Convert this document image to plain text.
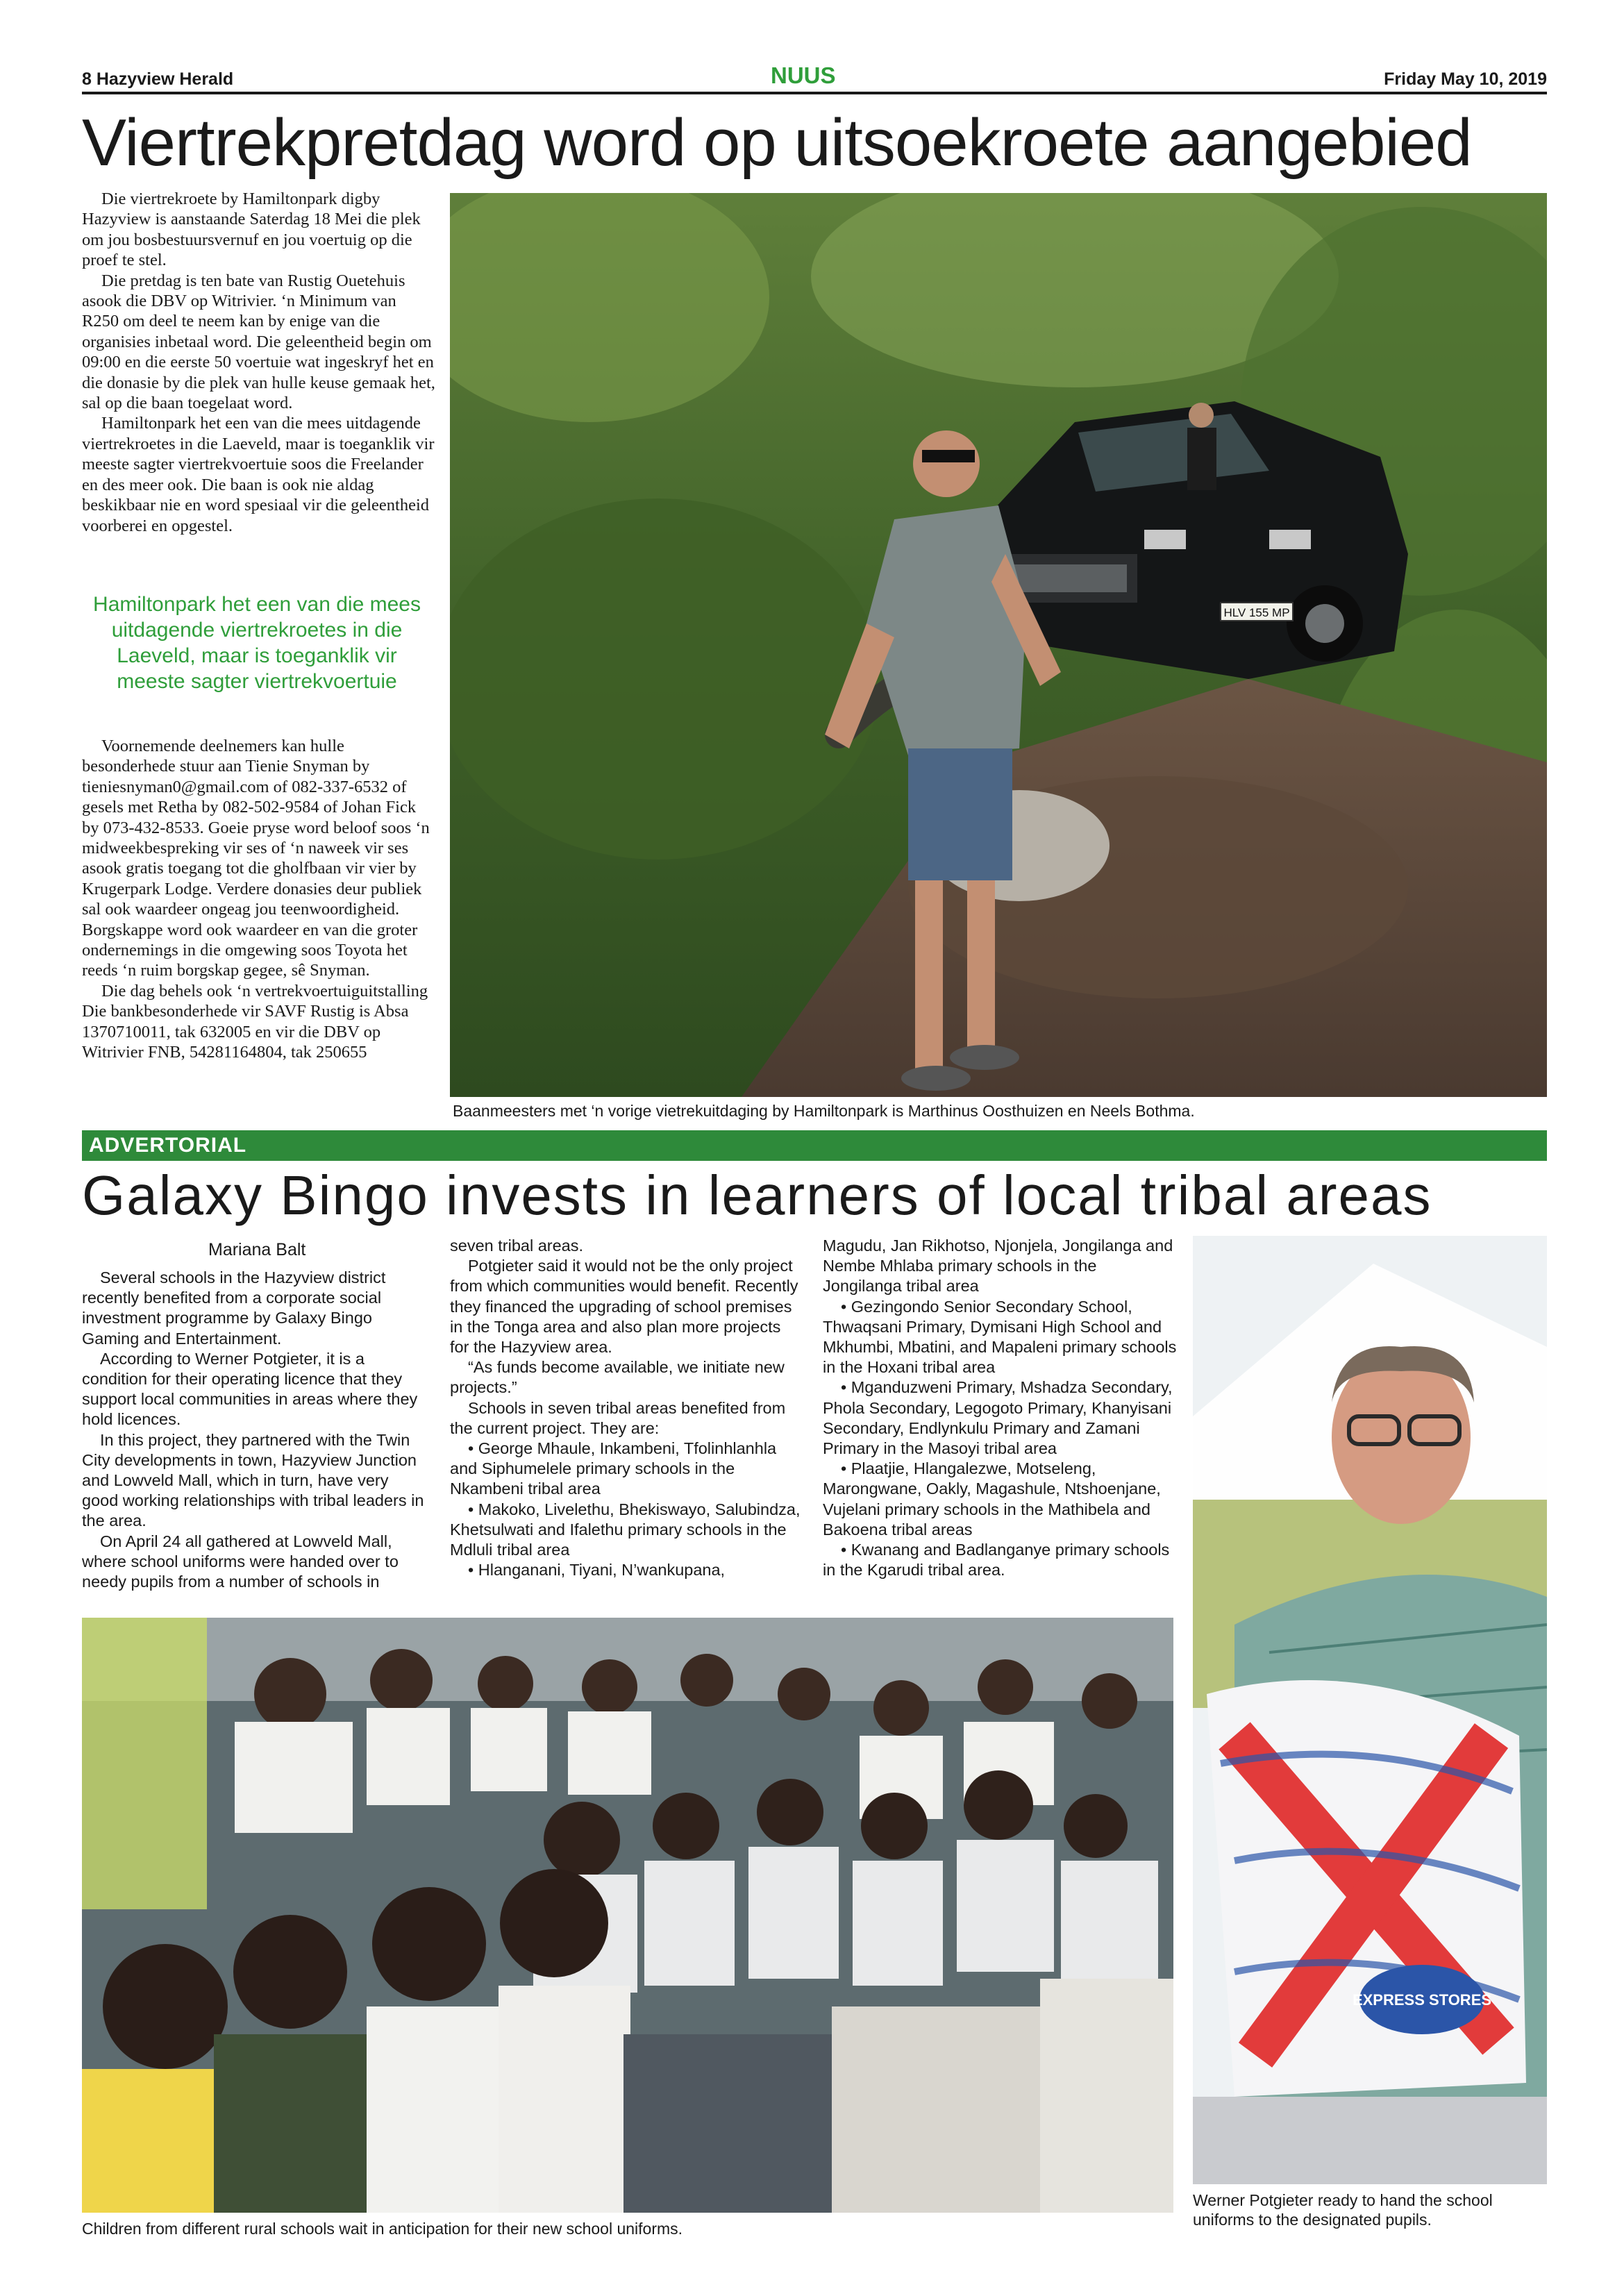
8 Hazyview Herald	NUUS	Friday May 10, 2019
Viertrekpretdag word op uitsoekroete aangebied

Die viertrekroete by Hamiltonpark digby Hazyview is aanstaande Saterdag 18 Mei die plek om jou bosbestuursvernuf en jou voertuig op die proef te stel.

Die pretdag is ten bate van Rustig Ouetehuis asook die DBV op Witrivier. ‘n Minimum van R250 om deel te neem kan by enige van die organisies inbetaal word. Die geleentheid begin om 09:00 en die eerste 50 voertuie wat ingeskryf het en die donasie by die plek van hulle keuse gemaak het, sal op die baan toegelaat word.

Hamiltonpark het een van die mees uitdagende viertrekroetes in die Laeveld, maar is toeganklik vir meeste sagter viertrekvoertuie soos die Freelander en des meer ook. Die baan is ook nie aldag beskikbaar nie en word spesiaal vir die geleentheid voorberei en opgestel.

Hamiltonpark het een van die mees uitdagende viertrekroetes in die Laeveld, maar is toeganklik vir meeste sagter viertrekvoertuie

Voornemende deelnemers kan hulle besonderhede stuur aan Tienie Snyman by tieniesnyman0@gmail.com of 082-337-6532 of gesels met Retha by 082-502-9584 of Johan Fick by 073-432-8533. Goeie pryse word beloof soos ‘n midweekbespreking vir ses of ‘n naweek vir ses asook gratis toegang tot die gholfbaan vir vier by Krugerpark Lodge. Verdere donasies deur publiek sal ook waardeer ongeag jou teenwoordigheid. Borgskappe word ook waardeer en van die groter ondernemings in die omgewing soos Toyota het reeds ‘n ruim borgskap gegee, sê Snyman.

Die dag behels ook ‘n vertrekvoertuiguitstalling Die bankbesonderhede vir SAVF Rustig is Absa 1370710011, tak 632005 en vir die DBV op Witrivier FNB, 54281164804, tak 250655

HLV 155 MP
Baanmeesters met ‘n vorige vietrekuitdaging by Hamiltonpark is Marthinus Oosthuizen en Neels Bothma.
ADVERTORIAL
Galaxy Bingo invests in learners of local tribal areas
Mariana Balt

Several schools in the Hazyview district recently benefited from a corporate social investment programme by Galaxy Bingo Gaming and Entertainment.

According to Werner Potgieter, it is a condition for their operating licence that they support local communities in areas where they hold licences.

In this project, they partnered with the Twin City developments in town, Hazyview Junction and Lowveld Mall, which in turn, have very good working relationships with tribal leaders in the area.

On April 24 all gathered at Lowveld Mall, where school uniforms were handed over to needy pupils from a number of schools in

seven tribal areas.

Potgieter said it would not be the only project from which communities would benefit. Recently they financed the upgrading of school premises in the Tonga area and also plan more projects for the Hazyview area.

“As funds become available, we initiate new projects.”

Schools in seven tribal areas benefited from the current project. They are:

• George Mhaule, Inkambeni, Tfolinhlanhla and Siphumelele primary schools in the Nkambeni tribal area

• Makoko, Livelethu, Bhekiswayo, Salubindza, Khetsulwati and Ifalethu primary schools in the Mdluli tribal area

• Hlanganani, Tiyani, N’wankupana,

Magudu, Jan Rikhotso, Njonjela, Jongilanga and Nembe Mhlaba primary schools in the Jongilanga tribal area

• Gezingondo Senior Secondary School, Thwaqsani Primary, Dymisani High School and Mkhumbi, Mbatini, and Mapaleni primary schools in the Hoxani tribal area

• Mganduzweni Primary, Mshadza Secondary, Phola Secondary, Legogoto Primary, Khanyisani Secondary, Endlynkulu Primary and Zamani Primary in the Masoyi tribal area

• Plaatjie, Hlangalezwe, Motseleng, Marongwane, Oakly, Magashule, Ntshoenjane, Vujelani primary schools in the Mathibela and Bakoena tribal areas

• Kwanang and Badlanganye primary schools in the Kgarudi tribal area.

Children from different rural schools wait in anticipation for their new school uniforms.
EXPRESS STORES
Werner Potgieter ready to hand the school uniforms to the designated pupils.
